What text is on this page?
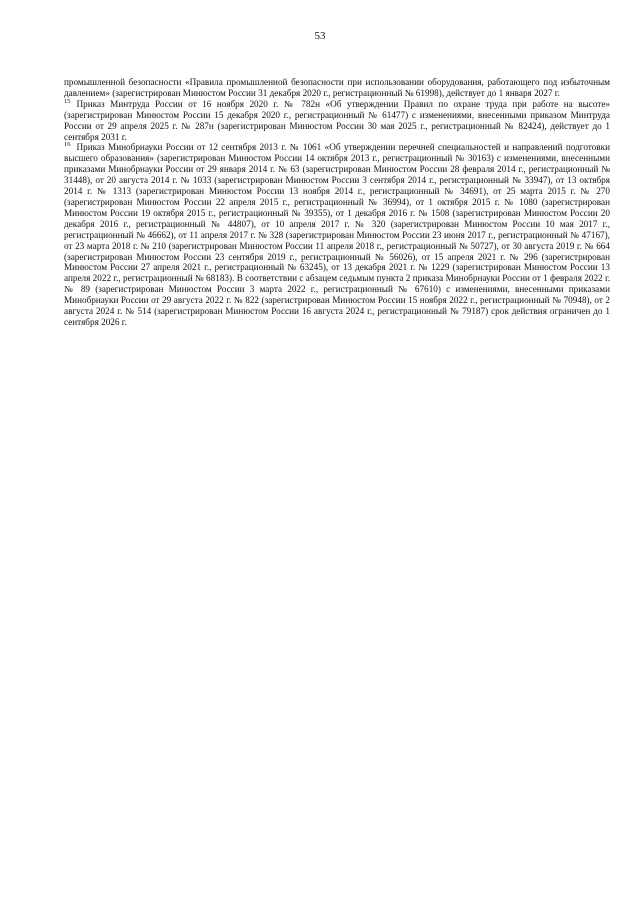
53

промышленной безопасности «Правила промышленной безопасности при использовании оборудования, работающего под избыточным давлением» (зарегистрирован Минюстом России 31 декабря 2020 г., регистрационный № 61998), действует до 1 января 2027 г.

$^{15}$ Приказ Минтруда России от 16 ноября 2020 г. № 782н «Об утверждении Правил по охране труда при работе на высоте» (зарегистрирован Минюстом России 15 декабря 2020 г., регистрационный № 61477) с изменениями, внесенными приказом Минтруда России от 29 апреля 2025 г. № 287н (зарегистрирован Минюстом России 30 мая 2025 г., регистрационный № 82424), действует до 1 сентября 2031 г.

$^{16}$ Приказ Минобрнауки России от 12 сентября 2013 г. № 1061 «Об утверждении перечней специальностей и направлений подготовки высшего образования» (зарегистрирован Минюстом России 14 октября 2013 г., регистрационный № 30163) с изменениями, внесенными приказами Минобрнауки России от 29 января 2014 г. № 63 (зарегистрирован Минюстом России 28 февраля 2014 г., регистрационный № 31448), от 20 августа 2014 г. № 1033 (зарегистрирован Минюстом России 3 сентября 2014 г., регистрационный № 33947), от 13 октября 2014 г. № 1313 (зарегистрирован Минюстом России 13 ноября 2014 г., регистрационный № 34691), от 25 марта 2015 г. № 270 (зарегистрирован Минюстом России 22 апреля 2015 г., регистрационный № 36994), от 1 октября 2015 г. № 1080 (зарегистрирован Минюстом России 19 октября 2015 г., регистрационный № 39355), от 1 декабря 2016 г. № 1508 (зарегистрирован Минюстом России 20 декабря 2016 г., регистрационный № 44807), от 10 апреля 2017 г. № 320 (зарегистрирован Минюстом России 10 мая 2017 г., регистрационный № 46662), от 11 апреля 2017 г. № 328 (зарегистрирован Минюстом России 23 июня 2017 г., регистрационный № 47167), от 23 марта 2018 г. № 210 (зарегистрирован Минюстом России 11 апреля 2018 г., регистрационный № 50727), от 30 августа 2019 г. № 664 (зарегистрирован Минюстом России 23 сентября 2019 г., регистрационный № 56026), от 15 апреля 2021 г. № 296 (зарегистрирован Минюстом России 27 апреля 2021 г., регистрационный № 63245), от 13 декабря 2021 г. № 1229 (зарегистрирован Минюстом России 13 апреля 2022 г., регистрационный № 68183). В соответствии с абзацем седьмым пункта 2 приказа Минобрнауки России от 1 февраля 2022 г. № 89 (зарегистрирован Минюстом России 3 марта 2022 г., регистрационный № 67610) с изменениями, внесенными приказами Минобрнауки России от 29 августа 2022 г. № 822 (зарегистрирован Минюстом России 15 ноября 2022 г., регистрационный № 70948), от 2 августа 2024 г. № 514 (зарегистрирован Минюстом России 16 августа 2024 г., регистрационный № 79187) срок действия ограничен до 1 сентября 2026 г.
